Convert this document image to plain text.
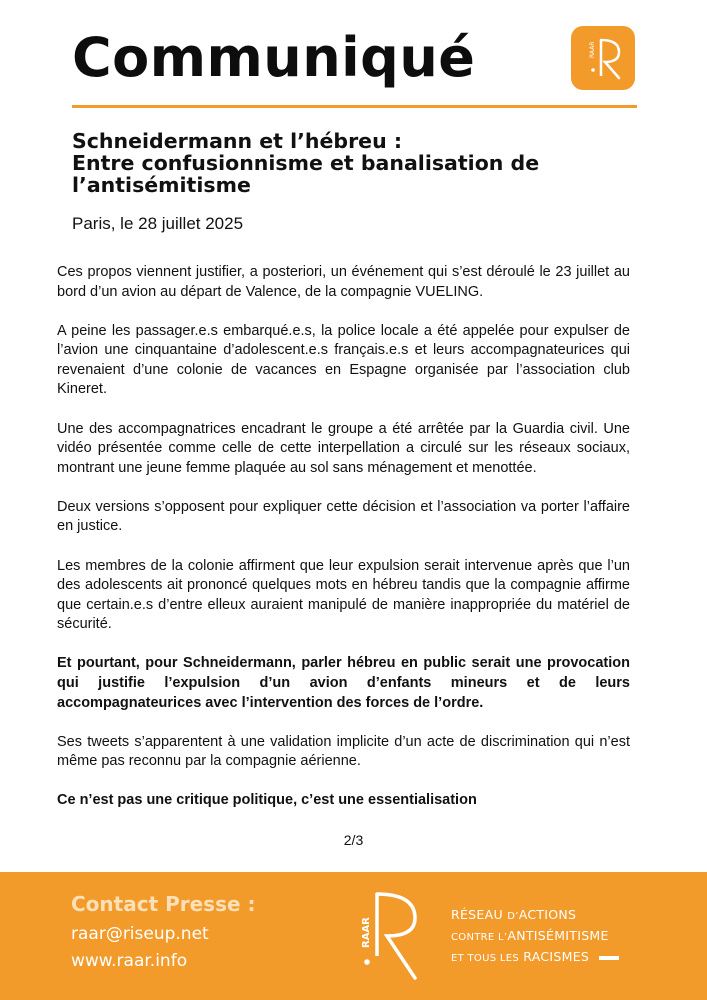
Communiqué	RAAR
Schneidermann et l’hébreu :
Entre confusionnisme et banalisation de
l’antisémitisme
Paris, le 28 juillet 2025

Ces propos viennent justifier, a posteriori, un événement qui s’est déroulé le 23 juillet au bord d’un avion au départ de Valence, de la compagnie VUELING.

A peine les passager.e.s embarqué.e.s, la police locale a été appelée pour expulser de l’avion une cinquantaine d’adolescent.e.s français.e.s et leurs accompagnateurices qui revenaient d’une colonie de vacances en Espagne organisée par l’association club Kineret.

Une des accompagnatrices encadrant le groupe a été arrêtée par la Guardia civil. Une vidéo présentée comme celle de cette interpellation a circulé sur les réseaux sociaux, montrant une jeune femme plaquée au sol sans ménagement et menottée.

Deux versions s’opposent pour expliquer cette décision et l’association va porter l’affaire en justice.

Les membres de la colonie affirment que leur expulsion serait intervenue après que l’un des adolescents ait prononcé quelques mots en hébreu tandis que la compagnie affirme que certain.e.s d’entre elleux auraient manipulé de manière inappropriée du matériel de sécurité.

Et pourtant, pour Schneidermann, parler hébreu en public serait une provocation qui justifie l’expulsion d’un avion d’enfants mineurs et de leurs accompagnateurices avec l’intervention des forces de l’ordre.

Ses tweets s’apparentent à une validation implicite d’un acte de discrimination qui n’est même pas reconnu par la compagnie aérienne.

Ce n’est pas une critique politique, c’est une essentialisation

2/3
Contact Presse :
raar@riseup.net
www.raar.info
RAAR
RÉSEAU D’ACTIONS
CONTRE L’ANTISÉMITISME
ET TOUS LES RACISMES
